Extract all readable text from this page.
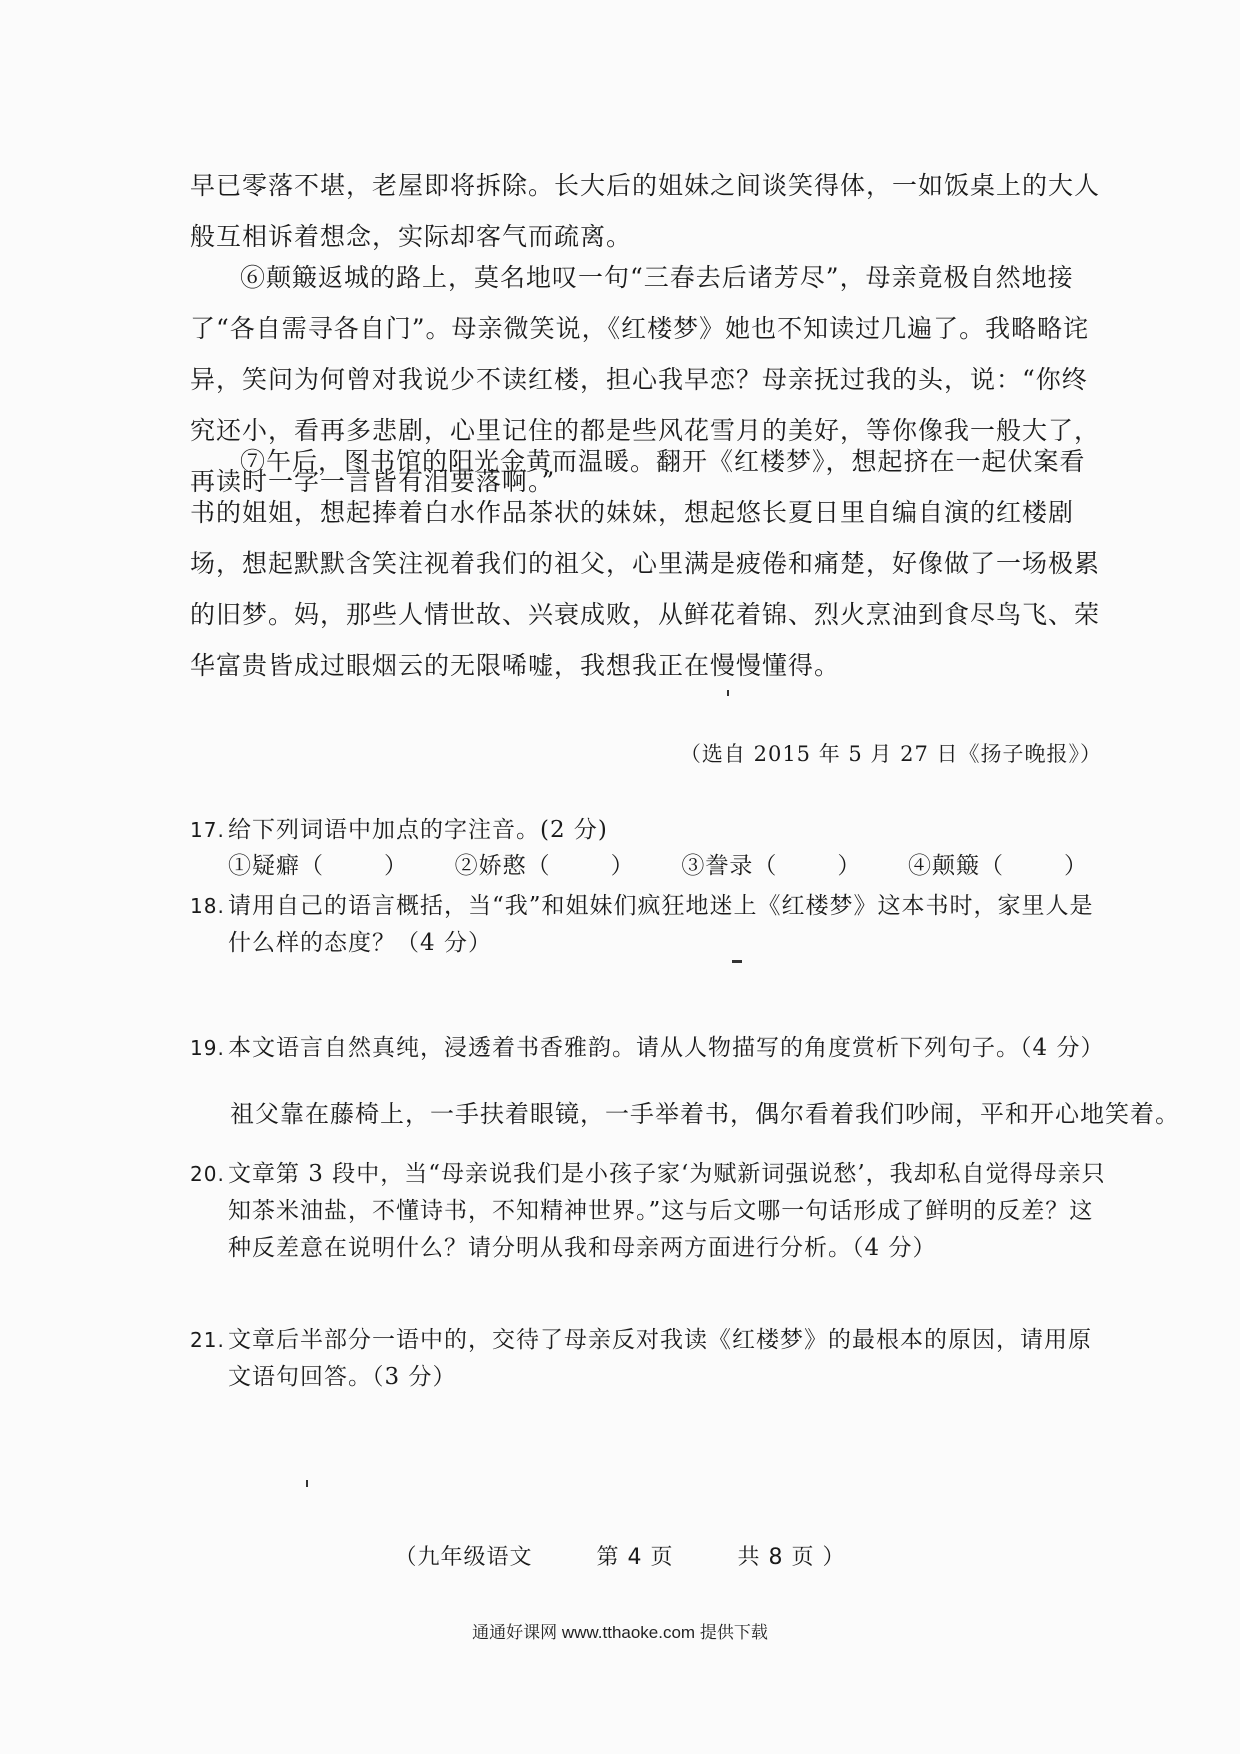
早已零落不堪，老屋即将拆除。长大后的姐妹之间谈笑得体，一如饭桌上的大人般互相诉着想念，实际却客气而疏离。

⑥颠簸返城的路上，莫名地叹一句“三春去后诸芳尽”，母亲竟极自然地接了“各自需寻各自门”。母亲微笑说，《红楼梦》她也不知读过几遍了。我略略诧异，笑问为何曾对我说少不读红楼，担心我早恋？母亲抚过我的头，说：“你终究还小，看再多悲剧，心里记住的都是些风花雪月的美好，等你像我一般大了，再读时一字一言皆有泪要落啊。”

⑦午后，图书馆的阳光金黄而温暖。翻开《红楼梦》，想起挤在一起伏案看书的姐姐，想起捧着白水作品茶状的妹妹，想起悠长夏日里自编自演的红楼剧场，想起默默含笑注视着我们的祖父，心里满是疲倦和痛楚，好像做了一场极累的旧梦。妈，那些人情世故、兴衰成败，从鲜花着锦、烈火烹油到食尽鸟飞、荣华富贵皆成过眼烟云的无限唏嘘，我想我正在慢慢懂得。

（选自 2015 年 5 月 27 日《扬子晚报》）
17. 给下列词语中加点的字注音。(2 分)
①疑癖（	） ②娇憨（	） ③誊录（	） ④颠簸（	）
18. 请用自己的语言概括，当“我”和姐妹们疯狂地迷上《红楼梦》这本书时，家里人是什么样的态度？（4 分）
19. 本文语言自然真纯，浸透着书香雅韵。请从人物描写的角度赏析下列句子。（4 分）
祖父靠在藤椅上，一手扶着眼镜，一手举着书，偶尔看着我们吵闹，平和开心地笑着。
20. 文章第 3 段中，当“母亲说我们是小孩子家‘为赋新词强说愁’，我却私自觉得母亲只知茶米油盐，不懂诗书，不知精神世界。”这与后文哪一句话形成了鲜明的反差？这种反差意在说明什么？请分明从我和母亲两方面进行分析。（4 分）
21. 文章后半部分一语中的，交待了母亲反对我读《红楼梦》的最根本的原因，请用原文语句回答。（3 分）
（九年级语文	第 4 页	共 8 页 ）
通通好课网 www.tthaoke.com 提供下载
